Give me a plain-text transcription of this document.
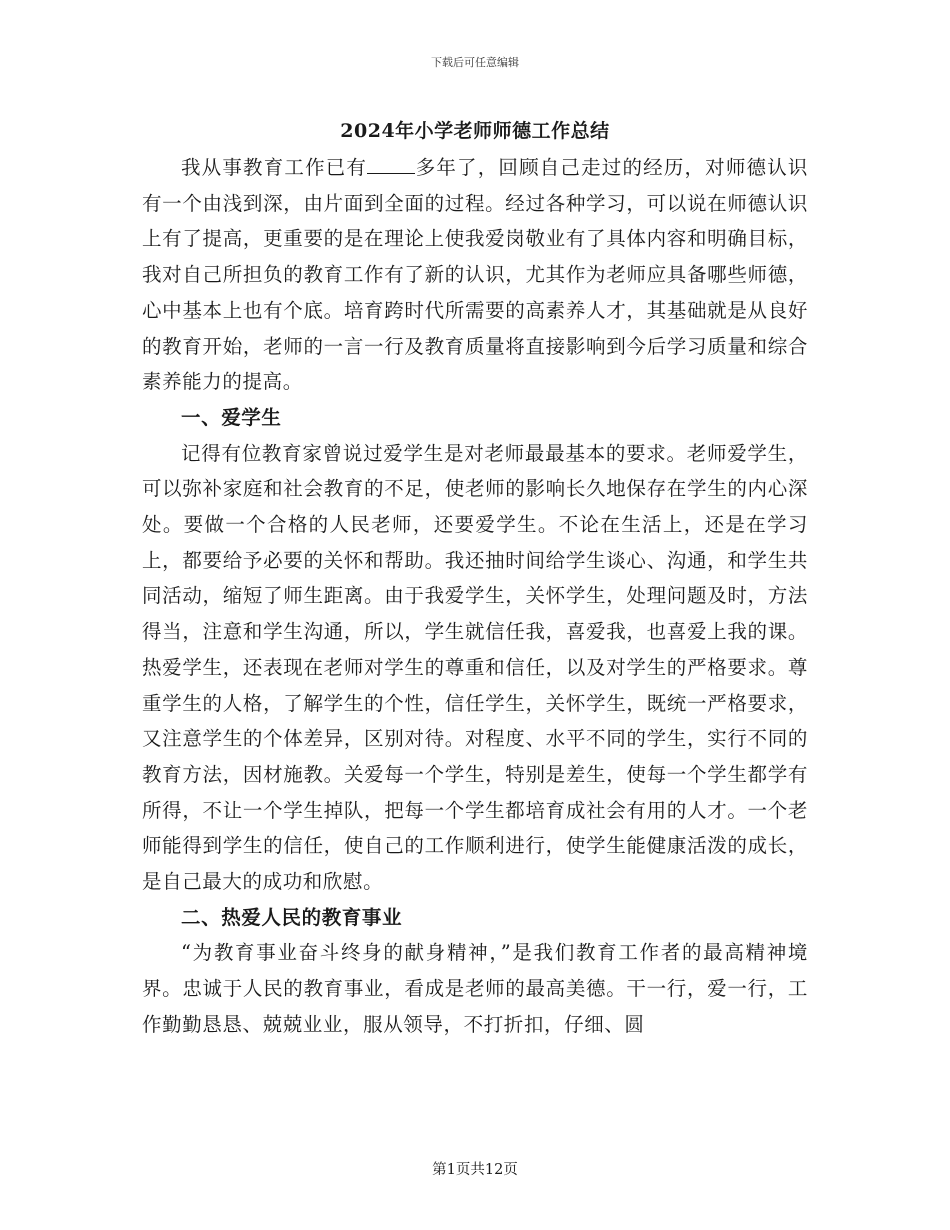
下载后可任意编辑
2024年小学老师师德工作总结

我从事教育工作已有 多年了，回顾自己走过的经历，对师德认识有一个由浅到深，由片面到全面的过程。经过各种学习，可以说在师德认识上有了提高，更重要的是在理论上使我爱岗敬业有了具体内容和明确目标，我对自己所担负的教育工作有了新的认识，尤其作为老师应具备哪些师德，心中基本上也有个底。培育跨时代所需要的高素养人才，其基础就是从良好的教育开始，老师的一言一行及教育质量将直接影响到今后学习质量和综合素养能力的提高。

一、爱学生

记得有位教育家曾说过爱学生是对老师最最基本的要求。老师爱学生，可以弥补家庭和社会教育的不足，使老师的影响长久地保存在学生的内心深处。要做一个合格的人民老师，还要爱学生。不论在生活上，还是在学习上，都要给予必要的关怀和帮助。我还抽时间给学生谈心、沟通，和学生共同活动，缩短了师生距离。由于我爱学生，关怀学生，处理问题及时，方法得当，注意和学生沟通，所以，学生就信任我，喜爱我，也喜爱上我的课。热爱学生，还表现在老师对学生的尊重和信任，以及对学生的严格要求。尊重学生的人格，了解学生的个性，信任学生，关怀学生，既统一严格要求，又注意学生的个体差异，区别对待。对程度、水平不同的学生，实行不同的教育方法，因材施教。关爱每一个学生，特别是差生，使每一个学生都学有所得，不让一个学生掉队，把每一个学生都培育成社会有用的人才。一个老师能得到学生的信任，使自己的工作顺利进行，使学生能健康活泼的成长，是自己最大的成功和欣慰。

二、热爱人民的教育事业

“为教育事业奋斗终身的献身精神，”是我们教育工作者的最高精神境界。忠诚于人民的教育事业，看成是老师的最高美德。干一行，爱一行，工作勤勤恳恳、兢兢业业，服从领导，不打折扣，仔细、圆

第1页共12页
